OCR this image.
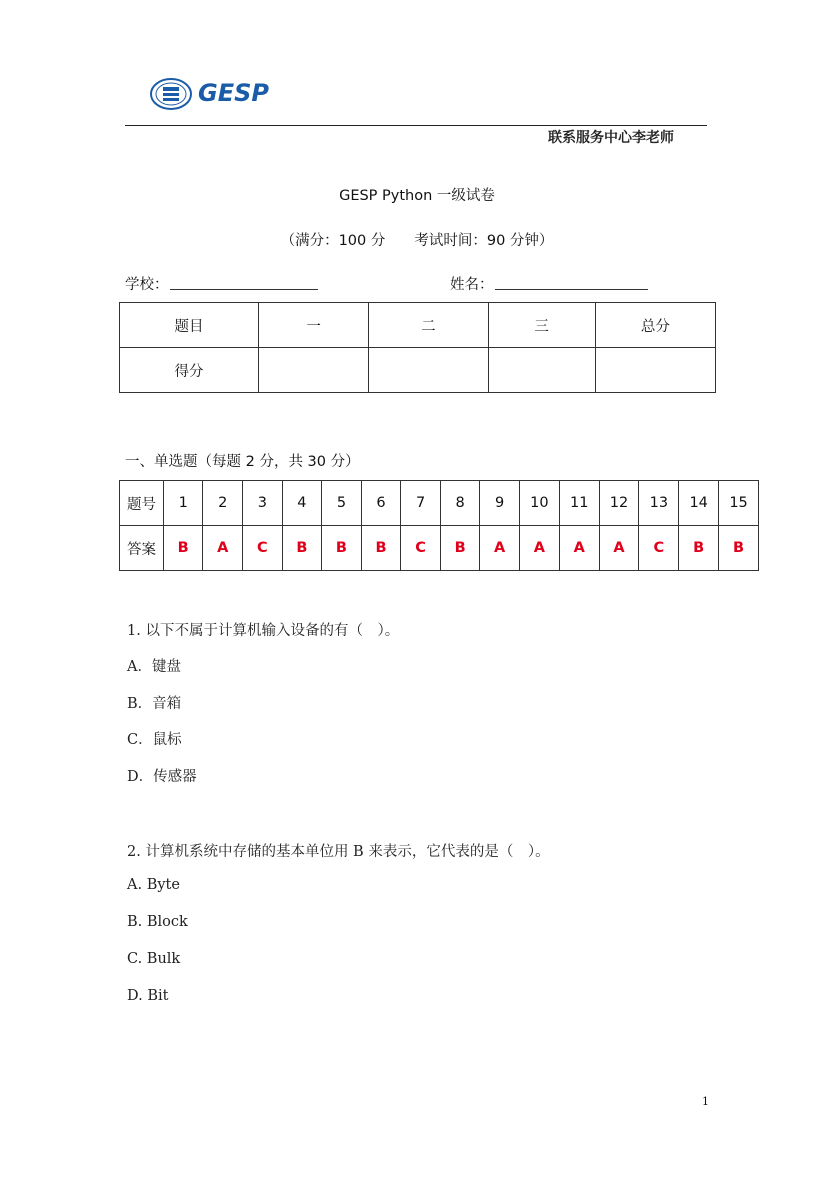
GESP
联系服务中心李老师
GESP Python 一级试卷
（满分：100 分　　考试时间：90 分钟）
学校：	姓名：
题目	一	二	三	总分
得分				
一、单选题（每题 2 分，共 30 分）
题号	1	2	3	4	5	6	7	8	9	10	11	12	13	14	15
答案	B	A	C	B	B	B	C	B	A	A	A	A	C	B	B
1. 以下不属于计算机输入设备的有（　）。
A．键盘
B．音箱
C．鼠标
D．传感器
2. 计算机系统中存储的基本单位用 B 来表示，它代表的是（　）。
A. Byte
B. Block
C. Bulk
D. Bit
1
